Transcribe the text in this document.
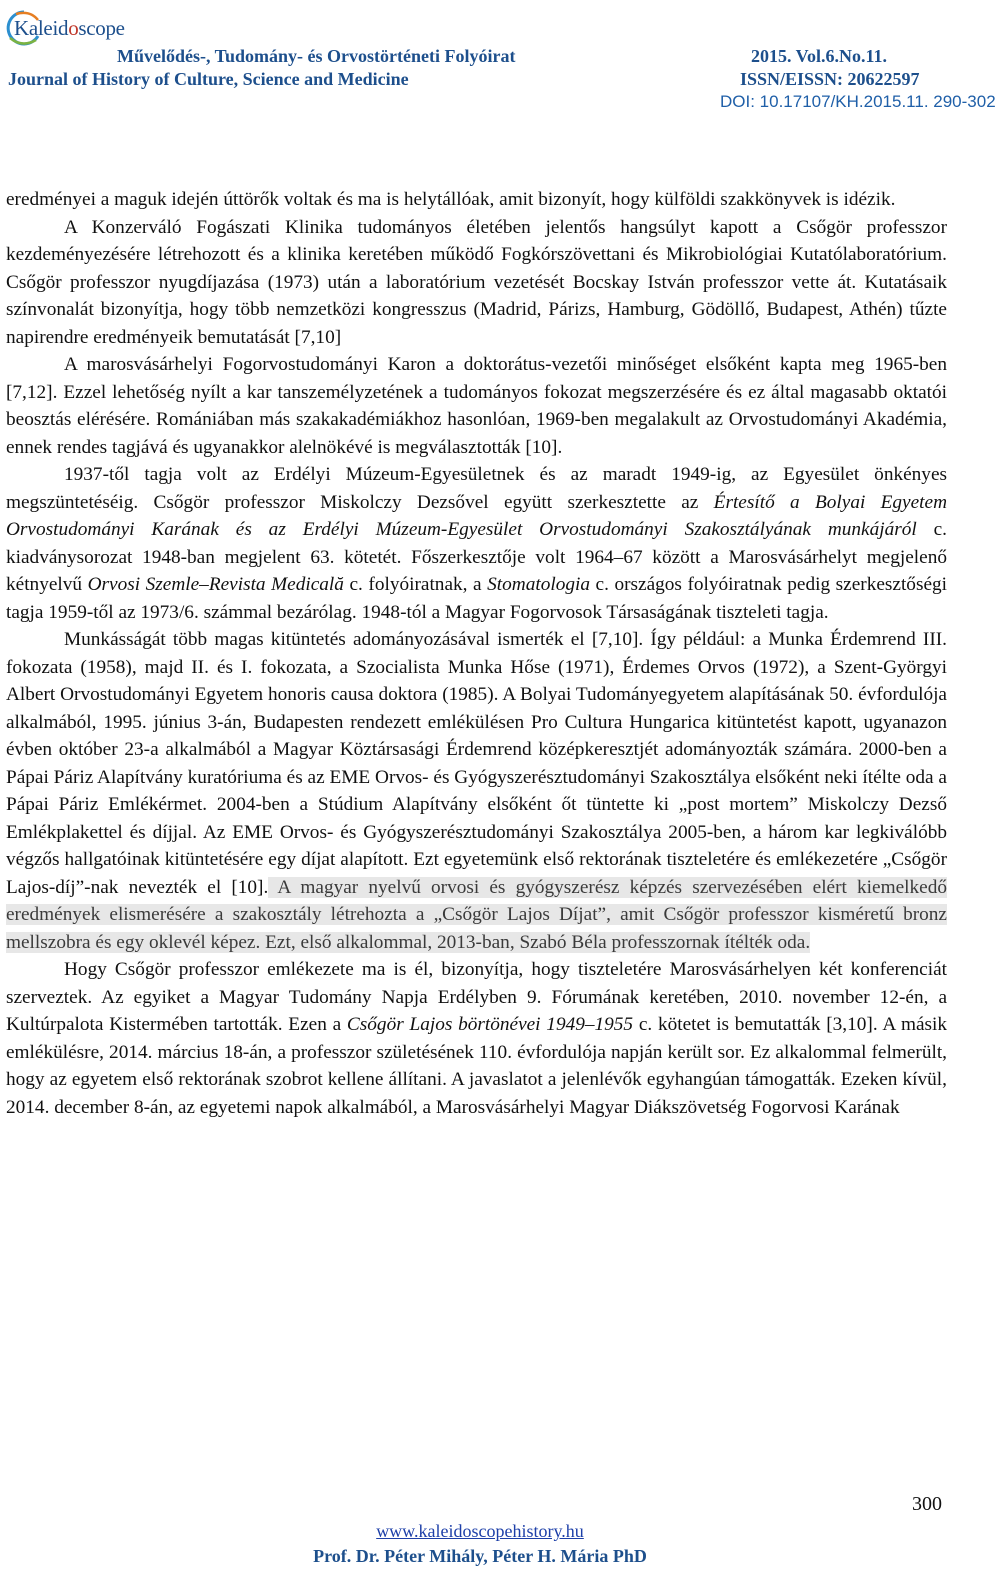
Kaleidoscope
Művelődés-, Tudomány- és Orvostörténeti Folyóirat
Journal of History of Culture, Science and Medicine
2015. Vol.6.No.11.
ISSN/EISSN: 20622597
DOI: 10.17107/KH.2015.11. 290-302

eredményei a maguk idején úttörők voltak és ma is helytállóak, amit bizonyít, hogy külföldi szakkönyvek is idézik.

A Konzerváló Fogászati Klinika tudományos életében jelentős hangsúlyt kapott a Csőgör professzor kezdeményezésére létrehozott és a klinika keretében működő Fogkórszövettani és Mikrobiológiai Kutatólaboratórium. Csőgör professzor nyugdíjazása (1973) után a laboratórium vezetését Bocskay István professzor vette át. Kutatásaik színvonalát bizonyítja, hogy több nemzetközi kongresszus (Madrid, Párizs, Hamburg, Gödöllő, Budapest, Athén) tűzte napirendre eredményeik bemutatását [7,10]

A marosvásárhelyi Fogorvostudományi Karon a doktorátus-vezetői minőséget elsőként kapta meg 1965-ben [7,12]. Ezzel lehetőség nyílt a kar tanszemélyzetének a tudományos fokozat megszerzésére és ez által magasabb oktatói beosztás elérésére. Romániában más szakakadémiákhoz hasonlóan, 1969-ben megalakult az Orvostudományi Akadémia, ennek rendes tagjává és ugyanakkor alelnökévé is megválasztották [10].

1937-től tagja volt az Erdélyi Múzeum-Egyesületnek és az maradt 1949-ig, az Egyesület önkényes megszüntetéséig. Csőgör professzor Miskolczy Dezsővel együtt szerkesztette az Értesítő a Bolyai Egyetem Orvostudományi Karának és az Erdélyi Múzeum-Egyesület Orvostudományi Szakosztályának munkájáról c. kiadványsorozat 1948-ban megjelent 63. kötetét. Főszerkesztője volt 1964–67 között a Marosvásárhelyt megjelenő kétnyelvű Orvosi Szemle–Revista Medicală c. folyóiratnak, a Stomatologia c. országos folyóiratnak pedig szerkesztőségi tagja 1959-től az 1973/6. számmal bezárólag. 1948-tól a Magyar Fogorvosok Társaságának tiszteleti tagja.

Munkásságát több magas kitüntetés adományozásával ismerték el [7,10]. Így például: a Munka Érdemrend III. fokozata (1958), majd II. és I. fokozata, a Szocialista Munka Hőse (1971), Érdemes Orvos (1972), a Szent-Györgyi Albert Orvostudományi Egyetem honoris causa doktora (1985). A Bolyai Tudományegyetem alapításának 50. évfordulója alkalmából, 1995. június 3-án, Budapesten rendezett emlékülésen Pro Cultura Hungarica kitüntetést kapott, ugyanazon évben október 23-a alkalmából a Magyar Köztársasági Érdemrend középkeresztjét adományozták számára. 2000-ben a Pápai Páriz Alapítvány kuratóriuma és az EME Orvos- és Gyógyszerésztudományi Szakosztálya elsőként neki ítélte oda a Pápai Páriz Emlékérmet. 2004-ben a Stúdium Alapítvány elsőként őt tüntette ki „post mortem” Miskolczy Dezső Emlékplakettel és díjjal. Az EME Orvos- és Gyógyszerésztudományi Szakosztálya 2005-ben, a három kar legkiválóbb végzős hallgatóinak kitüntetésére egy díjat alapított. Ezt egyetemünk első rektorának tiszteletére és emlékezetére „Csőgör Lajos-díj”-nak nevezték el [10]. A magyar nyelvű orvosi és gyógyszerész képzés szervezésében elért kiemelkedő eredmények elismerésére a szakosztály létrehozta a „Csőgör Lajos Díjat”, amit Csőgör professzor kisméretű bronz mellszobra és egy oklevél képez. Ezt, első alkalommal, 2013-ban, Szabó Béla professzornak ítélték oda.

Hogy Csőgör professzor emlékezete ma is él, bizonyítja, hogy tiszteletére Marosvásárhelyen két konferenciát szerveztek. Az egyiket a Magyar Tudomány Napja Erdélyben 9. Fórumának keretében, 2010. november 12-én, a Kultúrpalota Kistermében tartották. Ezen a Csőgör Lajos börtönévei 1949–1955 c. kötetet is bemutatták [3,10]. A másik emlékülésre, 2014. március 18-án, a professzor születésének 110. évfordulója napján került sor. Ez alkalommal felmerült, hogy az egyetem első rektorának szobrot kellene állítani. A javaslatot a jelenlévők egyhangúan támogatták. Ezeken kívül, 2014. december 8-án, az egyetemi napok alkalmából, a Marosvásárhelyi Magyar Diákszövetség Fogorvosi Karának

300
www.kaleidoscopehistory.hu
Prof. Dr. Péter Mihály, Péter H. Mária PhD
